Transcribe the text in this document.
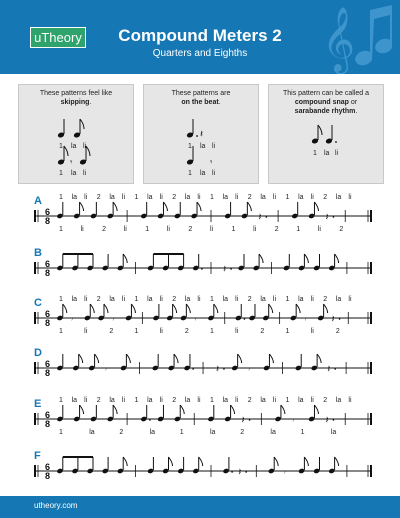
uTheory	Compound Meters 2
Quarters and Eighths	𝄞
These patterns feel like
skipping.
1 la li
𝄾
1 la li
These patterns are
on the beat.
𝄽
1 la li
𝄾
1 la li
This pattern can be called a
compound snap or
sarabande rhythm.
1 la li
A
6
8	𝄽	𝄽
1 la li 2 la li 1 la li 2 la li 1 la li 2 la li 1 la li 2 la li
1	li	2	li	1	li	2	li	1	li	2	1	li	2
B
6
8	𝄽
C
6
8 𝄾	𝄾	𝄾	𝄾	𝄽
1 la li 2 la li 1 la li 2 la li 1 la li 2 la li 1 la li 2 la li
1	li	2	1	li	2	1	li	2	1	li	2
D
6
8	𝄾	𝄽	𝄾	𝄽
E
6
8	𝄽	𝄾	𝄽
1 la li 2 la li 1 la li 2 la li 1 la li 2 la li 1 la li 2 la li
1	la	2	la	1	la	2	la	1	la
F
6
8	𝄽	𝄾
utheory.com
